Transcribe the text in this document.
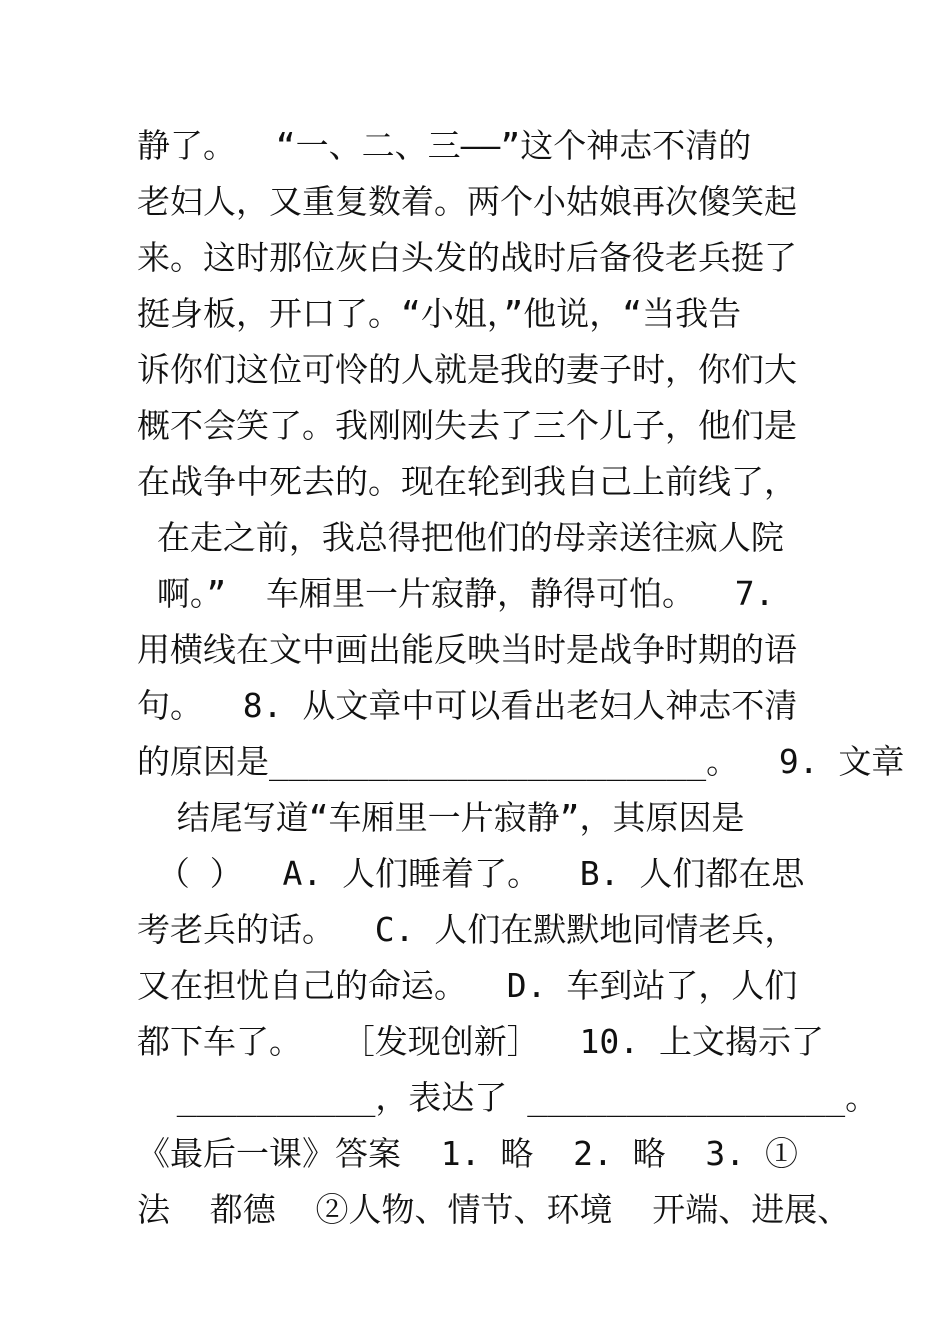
静了。  “一、二、三——”这个神志不清的
老妇人，又重复数着。两个小姑娘再次傻笑起
来。这时那位灰白头发的战时后备役老兵挺了
挺身板，开口了。“小姐，”他说，“当我告
诉你们这位可怜的人就是我的妻子时，你们大
概不会笑了。我刚刚失去了三个儿子，他们是
在战争中死去的。现在轮到我自己上前线了，
在走之前，我总得把他们的母亲送往疯人院
啊。”  车厢里一片寂静，静得可怕。  7.
用横线在文中画出能反映当时是战争时期的语
句。  8. 从文章中可以看出老妇人神志不清
的原因是______________________。  9. 文章
结尾写道“车厢里一片寂静”，其原因是
（ ）  A. 人们睡着了。  B. 人们都在思
考老兵的话。  C. 人们在默默地同情老兵，
又在担忧自己的命运。  D. 车到站了，人们
都下车了。  ［发现创新］  10. 上文揭示了
__________，表达了 ________________。
《最后一课》答案  1. 略  2. 略  3. ①
法  都德  ②人物、情节、环境  开端、进展、
